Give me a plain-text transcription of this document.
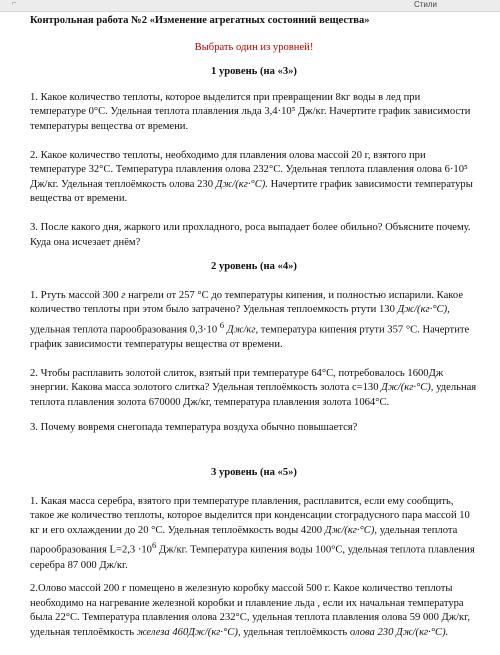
⌐	Стили
Контрольная работа №2 «Изменение агрегатных состояний вещества»
Выбрать один из уровней!
1 уровень (на «3»)

1. Какое количество теплоты, которое выделится при превращении 8кг воды в лед при температуре 0°С. Удельная теплота плавления льда 3,4·10⁵ Дж/кг. Начертите график зависимости температуры вещества от времени.

2. Какое количество теплоты, необходимо для плавления олова массой 20 г, взятого при температуре 32°С. Температура плавления олова 232°С. Удельная теплота плавления олова 6·10⁵ Дж/кг. Удельная теплоёмкость олова 230 Дж/(кг·°С). Начертите график зависимости температуры вещества от времени.

3. После какого дня, жаркого или прохладного, роса выпадает более обильно? Объясните почему. Куда она исчезает днём?

2 уровень (на «4»)

1. Ртуть массой 300 г нагрели от 257 °С до температуры кипения, и полностью испарили. Какое количество теплоты при этом было затрачено? Удельная теплоемкость ртути 130 Дж/(кг·°С), удельная теплота парообразования 0,3·10 $^6$ Дж/кг, температура кипения ртути 357 °С. Начертите график зависимости температуры вещества от времени.

2. Чтобы расплавить золотой слиток, взятый при температуре 64°С, потребовалось 1600Дж энергии. Какова масса золотого слитка? Удельная теплоёмкость золота с=130 Дж/(кг·°С), удельная теплота плавления золота 670000 Дж/кг, температура плавления золота 1064°С.

3. Почему вовремя снегопада температура воздуха обычно повышается?

3 уровень (на «5»)

1. Какая масса серебра, взятого при температуре плавления, расплавится, если ему сообщить, такое же количество теплоты, которое выделится при конденсации стоградусного пара массой 10 кг и его охлаждении до 20 °С. Удельная теплоёмкость воды 4200 Дж/(кг·°С), удельная теплота парообразования $L=2,3 \cdot 10^6$ Дж/кг. Температура кипения воды 100°С, удельная теплота плавления серебра 87 000 Дж/кг.

2.Олово массой 200 г помещено в железную коробку массой 500 г. Какое количество теплоты необходимо на нагревание железной коробки и плавление льда , если их начальная температура была 22°С. Температура плавления олова 232°С, удельная теплота плавления олова 59 000 Дж/кг, удельная теплоёмкость железа 460Дж/(кг·°С), удельная теплоёмкость олова 230 Дж/(кг·°С).
